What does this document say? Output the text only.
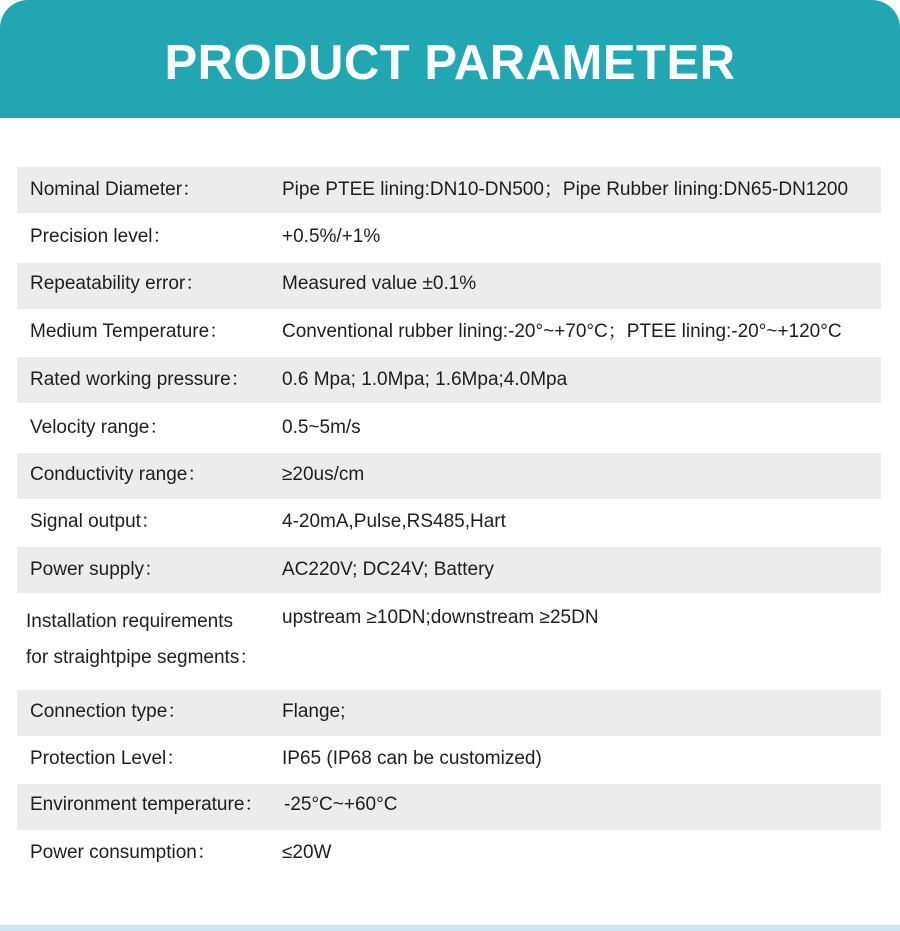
PRODUCT PARAMETER
Nominal Diameter：	Pipe PTEE lining:DN10-DN500；Pipe Rubber lining:DN65-DN1200
Precision level：	+0.5%/+1%
Repeatability error：	Measured value ±0.1%
Medium Temperature：	Conventional rubber lining:-20°~+70°C；PTEE lining:-20°~+120°C
Rated working pressure： 0.6 Mpa; 1.0Mpa; 1.6Mpa;4.0Mpa
Velocity range：	0.5~5m/s
Conductivity range：	≥20us/cm
Signal output：	4-20mA,Pulse,RS485,Hart
Power supply：	AC220V; DC24V; Battery
Installation requirements
for straightpipe segments：
upstream ≥10DN;downstream ≥25DN
Connection type：	Flange;
Protection Level：	IP65 (IP68 can be customized)
Environment temperature： -25°C~+60°C
Power consumption：	≤20W
